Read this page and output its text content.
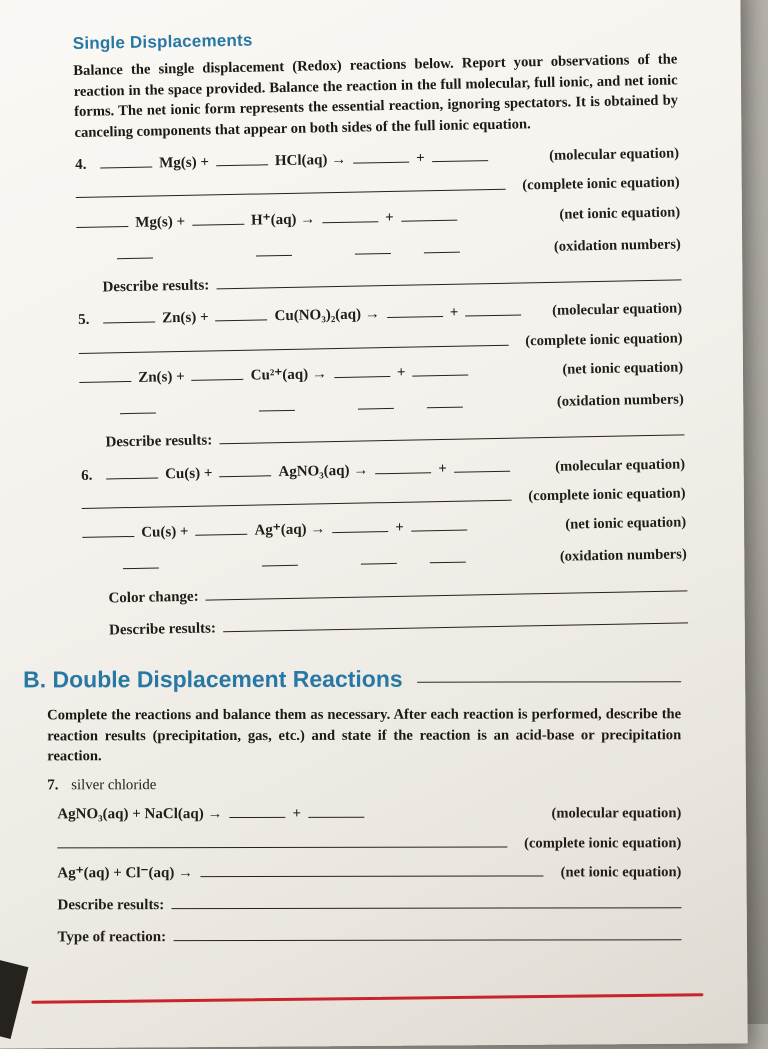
Single Displacements

Balance the single displacement (Redox) reactions below. Report your observations of the reaction in the space provided. Balance the reaction in the full molecular, full ionic, and net ionic forms. The net ionic form represents the essential reaction, ignoring spectators. It is obtained by canceling components that appear on both sides of the full ionic equation.

4.	Mg(s) +	HCl(aq) →	+	(molecular equation)
(complete ionic equation)
Mg(s) +	H⁺(aq) →	+	(net ionic equation)
(oxidation numbers)
Describe results:
5.	Zn(s) +	Cu(NO₃)₂(aq) →	+	(molecular equation)
(complete ionic equation)
Zn(s) +	Cu²⁺(aq) →	+	(net ionic equation)
(oxidation numbers)
Describe results:
6.	Cu(s) +	AgNO₃(aq) →	+	(molecular equation)
(complete ionic equation)
Cu(s) +	Ag⁺(aq) →	+	(net ionic equation)
(oxidation numbers)
Color change:
Describe results:
B. Double Displacement Reactions

Complete the reactions and balance them as necessary. After each reaction is performed, describe the reaction results (precipitation, gas, etc.) and state if the reaction is an acid-base or precipitation reaction.

7. silver chloride
AgNO₃(aq) + NaCl(aq) →	+	(molecular equation)
(complete ionic equation)
Ag⁺(aq) + Cl⁻(aq) →	(net ionic equation)
Describe results:
Type of reaction:
